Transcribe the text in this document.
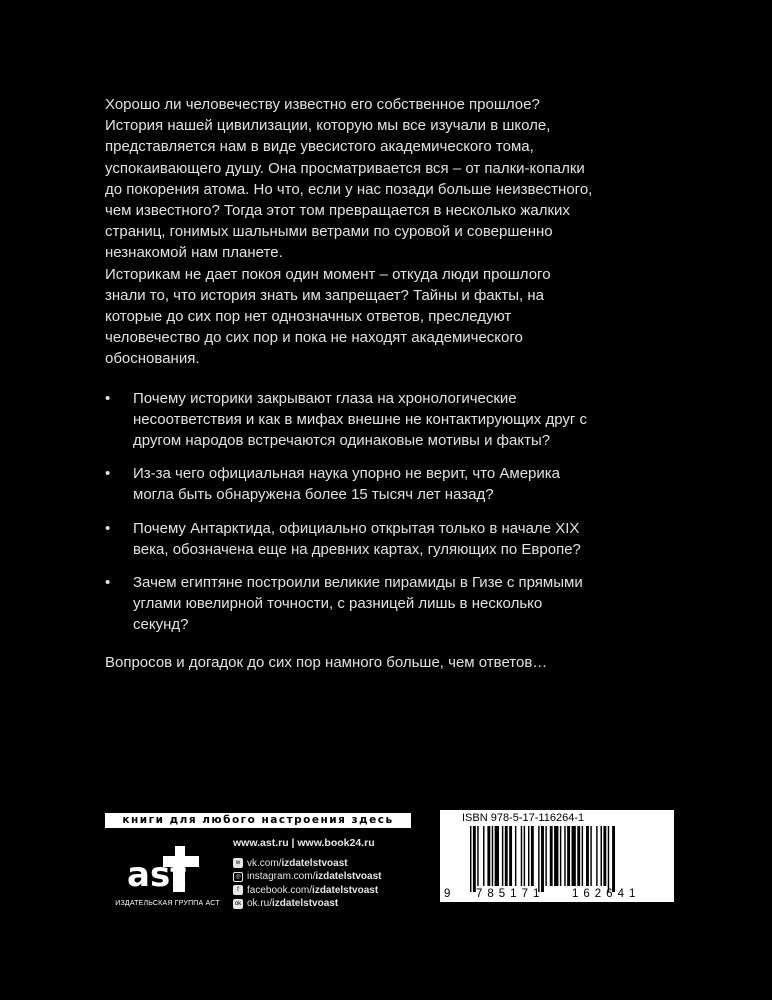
Хорошо ли человечеству известно его собственное прошлое? История нашей цивилизации, которую мы все изучали в школе, представляется нам в виде увесистого академического тома, успокаивающего душу. Она просматривается вся – от палки-копалки до покорения атома. Но что, если у нас позади больше неизвестного, чем известного? Тогда этот том превращается в несколько жалких страниц, гонимых шальными ветрами по суровой и совершенно незнакомой нам планете.

Историкам не дает покоя один момент – откуда люди прошлого знали то, что история знать им запрещает? Тайны и факты, на которые до сих пор нет однозначных ответов, преследуют человечество до сих пор и пока не находят академического обоснования.

• Почему историки закрывают глаза на хронологические несоответствия и как в мифах внешне не контактирующих друг с другом народов встречаются одинаковые мотивы и факты?
• Из-за чего официальная наука упорно не верит, что Америка могла быть обнаружена более 15 тысяч лет назад?
• Почему Антарктида, официально открытая только в начале XIX века, обозначена еще на древних картах, гуляющих по Европе?
• Зачем египтяне построили великие пирамиды в Гизе с прямыми углами ювелирной точности, с разницей лишь в несколько секунд?

Вопросов и догадок до сих пор намного больше, чем ответов…

книги для любого настроения здесь
ast
ИЗДАТЕЛЬСКАЯ ГРУППА АСТ
www.ast.ru | www.book24.ru
w vk.com/ izdatelstvoast
◎ instagram.com/ izdatelstvoast
f facebook.com/ izdatelstvoast
ok ok.ru/ izdatelstvoast
ISBN 978-5-17-116264-1
9 785171 162641
